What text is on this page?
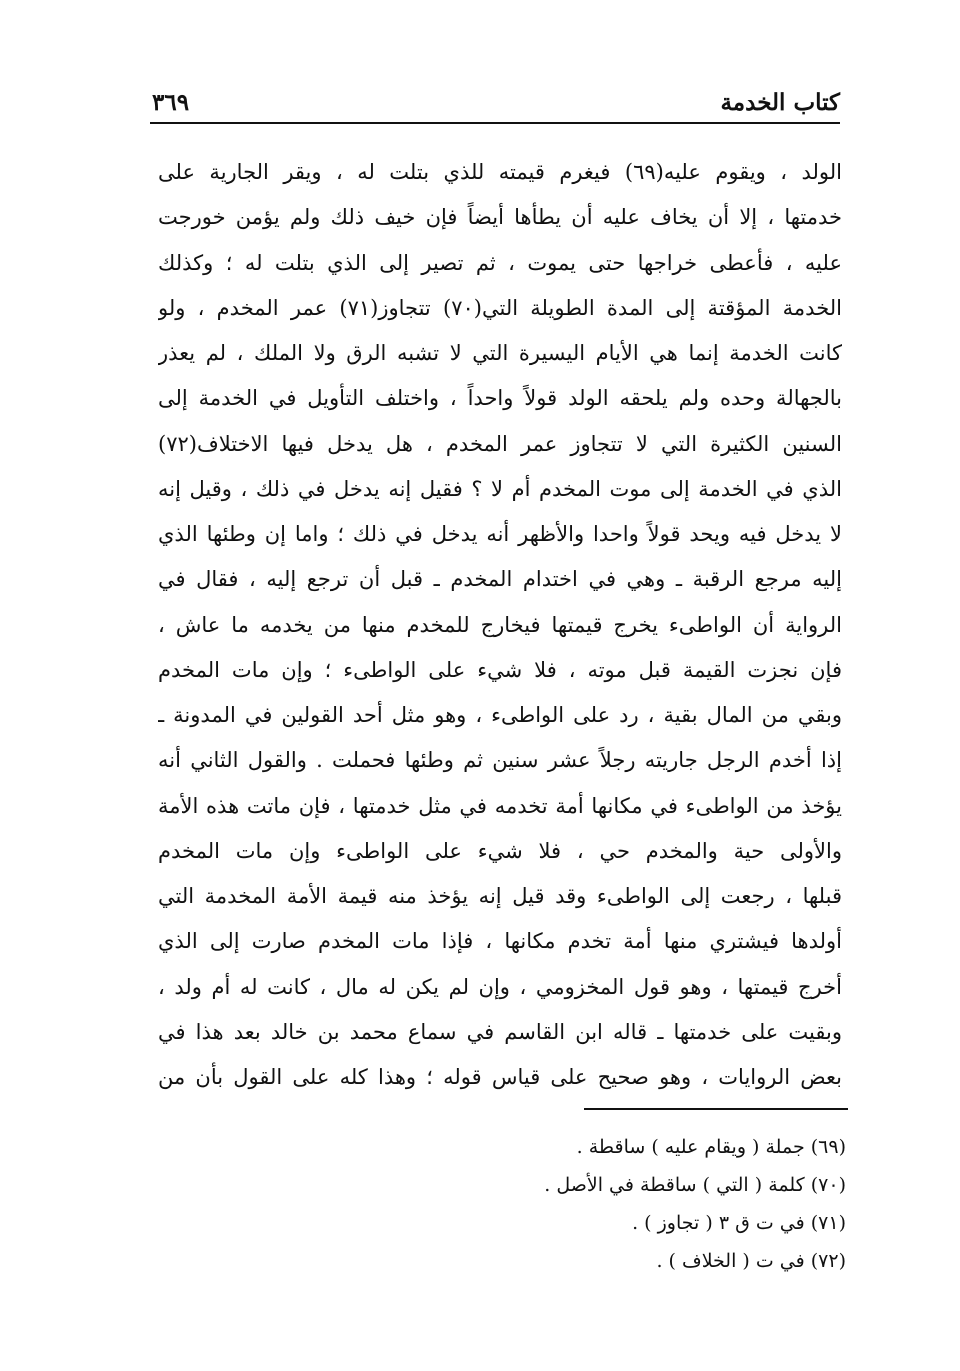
كتاب الخدمة
٣٦٩
الولد ، ويقوم عليه(٦٩) فيغرم قيمته للذي بتلت له ، ويقر الجارية على
خدمتها ، إلا أن يخاف عليه أن يطأها أيضاً فإن خيف ذلك ولم يؤمن خورجت
عليه ، فأعطى خراجها حتى يموت ، ثم تصير إلى الذي بتلت له ؛ وكذلك
الخدمة المؤقتة إلى المدة الطويلة التي(٧٠) تتجاوز(٧١) عمر المخدم ، ولو
كانت الخدمة إنما هي الأيام اليسيرة التي لا تشبه الرق ولا الملك ، لم يعذر
بالجهالة وحده ولم يلحقه الولد قولاً واحداً ، واختلف التأويل في الخدمة إلى
السنين الكثيرة التي لا تتجاوز عمر المخدم ، هل يدخل فيها الاختلاف(٧٢)
الذي في الخدمة إلى موت المخدم أم لا ؟ فقيل إنه يدخل في ذلك ، وقيل إنه
لا يدخل فيه ويحد قولاً واحدا والأظهر أنه يدخل في ذلك ؛ واما إن وطئها الذي
إليه مرجع الرقبة ـ وهي في اختدام المخدم ـ قبل أن ترجع إليه ، فقال في
الرواية أن الواطىء يخرج قيمتها فيخارج للمخدم منها من يخدمه ما عاش ،
فإن نجزت القيمة قبل موته ، فلا شيء على الواطىء ؛ وإن مات المخدم
وبقي من المال بقية ، رد على الواطىء ، وهو مثل أحد القولين في المدونة ـ
إذا أخدم الرجل جاريته رجلاً عشر سنين ثم وطئها فحملت . والقول الثاني أنه
يؤخذ من الواطىء في مكانها أمة تخدمه في مثل خدمتها ، فإن ماتت هذه الأمة
والأولى حية والمخدم حي ، فلا شيء على الواطىء وإن مات المخدم
قبلها ، رجعت إلى الواطىء وقد قيل إنه يؤخذ منه قيمة الأمة المخدمة التي
أولدها فيشتري منها أمة تخدم مكانها ، فإذا مات المخدم صارت إلى الذي
أخرج قيمتها ، وهو قول المخزومي ، وإن لم يكن له مال ، كانت له أم ولد ،
وبقيت على خدمتها ـ قاله ابن القاسم في سماع محمد بن خالد بعد هذا في
بعض الروايات ، وهو صحيح على قياس قوله ؛ وهذا كله على القول بأن من
(٦٩) جملة ( ويقام عليه ) ساقطة .
(٧٠) كلمة ( التي ) ساقطة في الأصل .
(٧١) في ت ق ٣ ( تجاوز ) .
(٧٢) في ت ( الخلاف ) .
